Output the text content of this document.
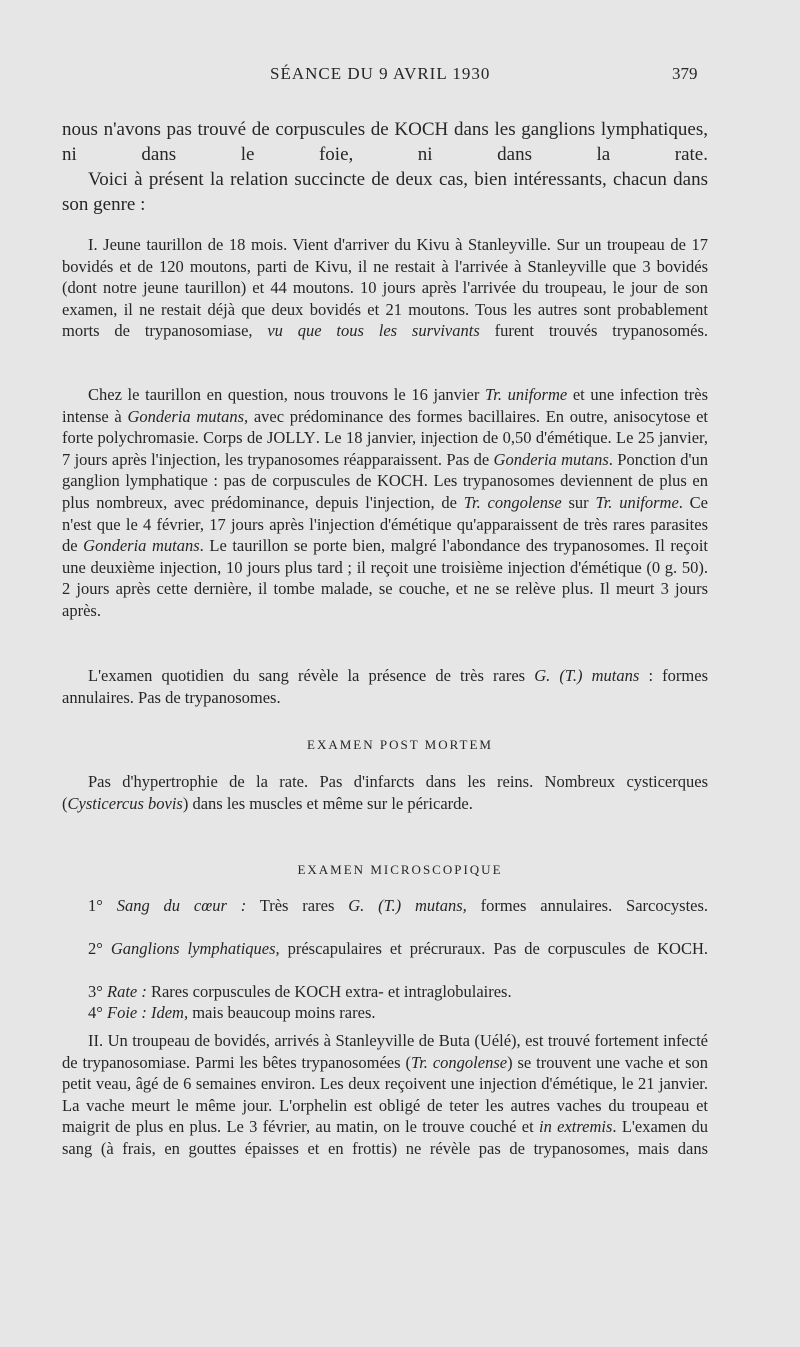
SÉANCE DU 9 AVRIL 1930	379

nous n'avons pas trouvé de corpuscules de KOCH dans les ganglions lymphatiques, ni dans le foie, ni dans la rate.

Voici à présent la relation succincte de deux cas, bien intéressants, chacun dans son genre :

I. Jeune taurillon de 18 mois. Vient d'arriver du Kivu à Stanleyville. Sur un troupeau de 17 bovidés et de 120 moutons, parti de Kivu, il ne restait à l'arrivée à Stanleyville que 3 bovidés (dont notre jeune taurillon) et 44 moutons. 10 jours après l'arrivée du troupeau, le jour de son examen, il ne restait déjà que deux bovidés et 21 moutons. Tous les autres sont probablement morts de trypanosomiase, vu que tous les survivants furent trouvés trypanosomés.

Chez le taurillon en question, nous trouvons le 16 janvier Tr. uniforme et une infection très intense à Gonderia mutans, avec prédominance des formes bacillaires. En outre, anisocytose et forte polychromasie. Corps de JOLLY. Le 18 janvier, injection de 0,50 d'émétique. Le 25 janvier, 7 jours après l'injection, les trypanosomes réapparaissent. Pas de Gonderia mutans. Ponction d'un ganglion lymphatique : pas de corpuscules de KOCH. Les trypanosomes deviennent de plus en plus nombreux, avec prédominance, depuis l'injection, de Tr. congolense sur Tr. uniforme. Ce n'est que le 4 février, 17 jours après l'injection d'émétique qu'apparaissent de très rares parasites de Gonderia mutans. Le taurillon se porte bien, malgré l'abondance des trypanosomes. Il reçoit une deuxième injection, 10 jours plus tard ; il reçoit une troisième injection d'émétique (0 g. 50). 2 jours après cette dernière, il tombe malade, se couche, et ne se relève plus. Il meurt 3 jours après.

L'examen quotidien du sang révèle la présence de très rares G. (T.) mutans : formes annulaires. Pas de trypanosomes.

EXAMEN POST MORTEM

Pas d'hypertrophie de la rate. Pas d'infarcts dans les reins. Nombreux cysticerques (Cysticercus bovis) dans les muscles et même sur le péricarde.

EXAMEN MICROSCOPIQUE

1° Sang du cœur : Très rares G. (T.) mutans, formes annulaires. Sarcocystes.

2° Ganglions lymphatiques, préscapulaires et précruraux. Pas de corpuscules de KOCH.

3° Rate : Rares corpuscules de KOCH extra- et intraglobulaires.

4° Foie : Idem, mais beaucoup moins rares.

II. Un troupeau de bovidés, arrivés à Stanleyville de Buta (Uélé), est trouvé fortement infecté de trypanosomiase. Parmi les bêtes trypanosomées (Tr. congolense) se trouvent une vache et son petit veau, âgé de 6 semaines environ. Les deux reçoivent une injection d'émétique, le 21 janvier. La vache meurt le même jour. L'orphelin est obligé de teter les autres vaches du troupeau et maigrit de plus en plus. Le 3 février, au matin, on le trouve couché et in extremis. L'examen du sang (à frais, en gouttes épaisses et en frottis) ne révèle pas de trypanosomes, mais dans
